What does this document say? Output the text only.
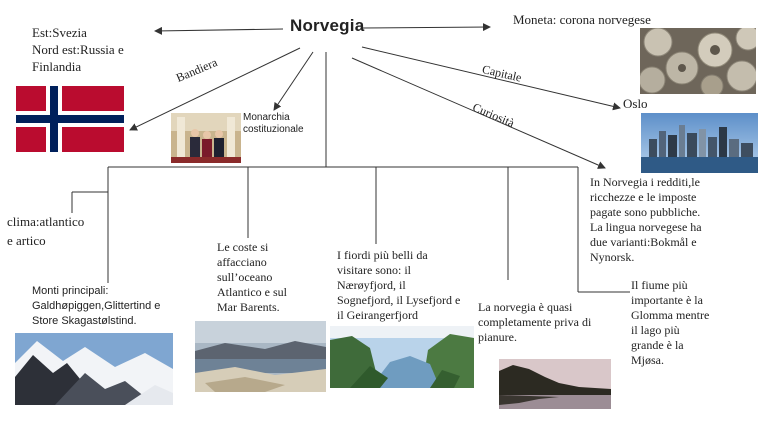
Norvegia
Est:Svezia
Nord est:Russia e
Finlandia
Moneta: corona norvegese
Bandiera	Capitale
Curiosità
Monarchia
costituzionale
Oslo
In Norvegia i redditi,le
ricchezze e le imposte
pagate sono pubbliche.
La lingua norvegese ha
due varianti:Bokmål e
Nynorsk.
clima:atlantico
e artico
Monti principali:
Galdhøpiggen,Glittertind e
Store Skagastølstind.
Le coste si
affacciano
sull’oceano
Atlantico e sul
Mar Barents.
I fiordi più belli da
visitare sono: il
Nærøyfjord, il
Sognefjord, il Lysefjord e
il Geirangerfjord
La norvegia è quasi
completamente priva di
pianure.
Il fiume più
importante è la
Glomma mentre
il lago più
grande è la
Mjøsa.
